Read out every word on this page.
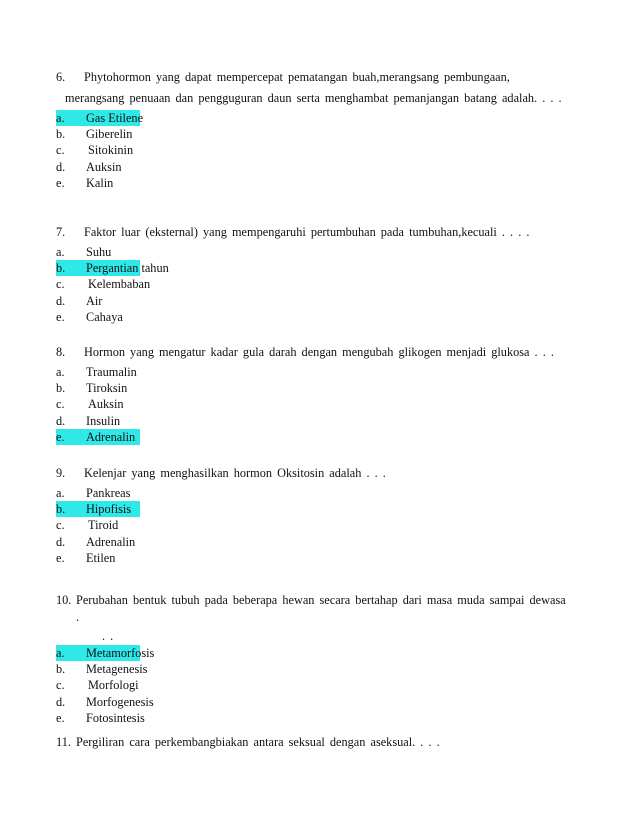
6.	Phytohormon yang dapat mempercepat pematangan buah,merangsang pembungaan,
merangsang penuaan dan pengguguran daun serta menghambat pemanjangan batang adalah. . . .
a.	Gas Etilene
b.	Giberelin
c.	Sitokinin
d.	Auksin
e.	Kalin
7.	Faktor luar (eksternal) yang mempengaruhi pertumbuhan pada tumbuhan,kecuali . . . .
a.	Suhu
b.	Pergantian tahun
c.	Kelembaban
d.	Air
e.	Cahaya
8.	Hormon yang mengatur kadar gula darah dengan mengubah glikogen menjadi glukosa . . .
a.	Traumalin
b.	Tiroksin
c.	Auksin
d.	Insulin
e.	Adrenalin
9.	Kelenjar yang menghasilkan hormon Oksitosin adalah . . .
a.	Pankreas
b.	Hipofisis
c.	Tiroid
d.	Adrenalin
e.	Etilen
10. Perubahan bentuk tubuh pada beberapa hewan secara bertahap dari masa muda sampai dewasa .
. .
a.	Metamorfosis
b.	Metagenesis
c.	Morfologi
d.	Morfogenesis
e.	Fotosintesis
11. Pergiliran cara perkembangbiakan antara seksual dengan aseksual. . . .
